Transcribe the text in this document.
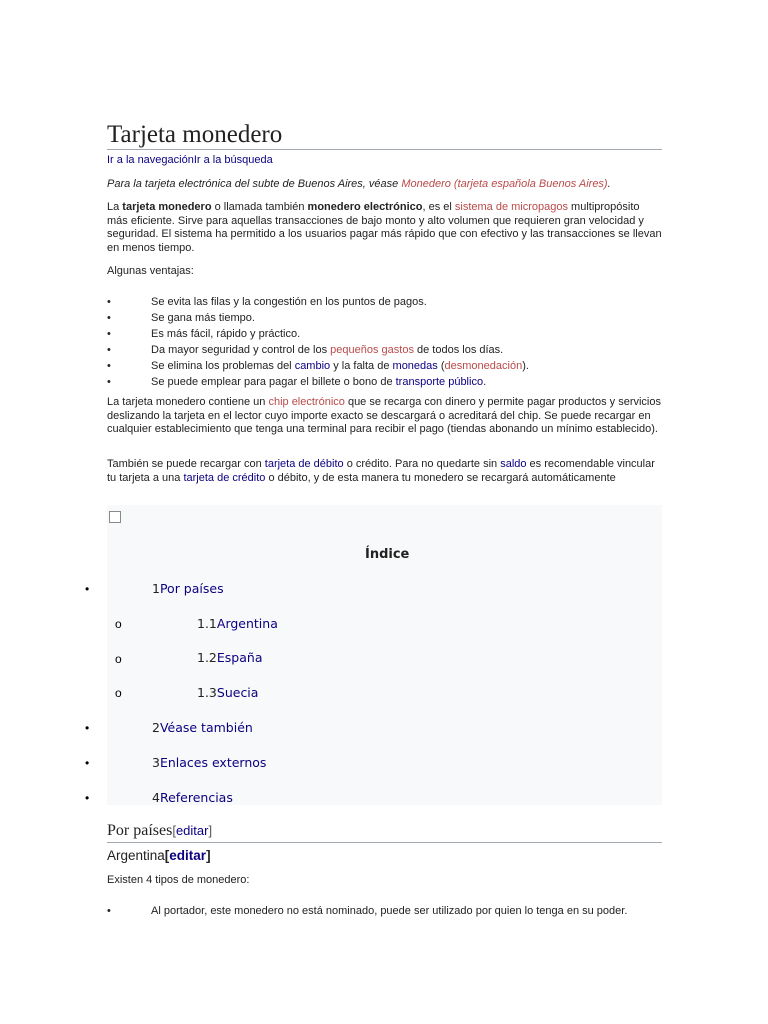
Tarjeta monedero
Ir a la navegaciónIr a la búsqueda
Para la tarjeta electrónica del subte de Buenos Aires, véase Monedero (tarjeta española Buenos Aires).

La tarjeta monedero o llamada también monedero electrónico, es el sistema de micropagos multipropósito más eficiente. Sirve para aquellas transacciones de bajo monto y alto volumen que requieren gran velocidad y seguridad. El sistema ha permitido a los usuarios pagar más rápido que con efectivo y las transacciones se llevan en menos tiempo.

Algunas ventajas:

•	Se evita las filas y la congestión en los puntos de pagos.
•	Se gana más tiempo.
•	Es más fácil, rápido y práctico.
•	Da mayor seguridad y control de los pequeños gastos de todos los días.
•	Se elimina los problemas del cambio y la falta de monedas (desmonedación).
•	Se puede emplear para pagar el billete o bono de transporte público.

La tarjeta monedero contiene un chip electrónico que se recarga con dinero y permite pagar productos y servicios deslizando la tarjeta en el lector cuyo importe exacto se descargará o acreditará del chip. Se puede recargar en cualquier establecimiento que tenga una terminal para recibir el pago (tiendas abonando un mínimo establecido).

También se puede recargar con tarjeta de débito o crédito. Para no quedarte sin saldo es recomendable vincular tu tarjeta a una tarjeta de crédito o débito, y de esta manera tu monedero se recargará automáticamente

Índice
•	1Por países
o	1.1Argentina
o	1.2España
o	1.3Suecia
•	2Véase también
•	3Enlaces externos
•	4Referencias
Por países[editar]
Argentina[editar]

Existen 4 tipos de monedero:

•	Al portador, este monedero no está nominado, puede ser utilizado por quien lo tenga en su poder.
